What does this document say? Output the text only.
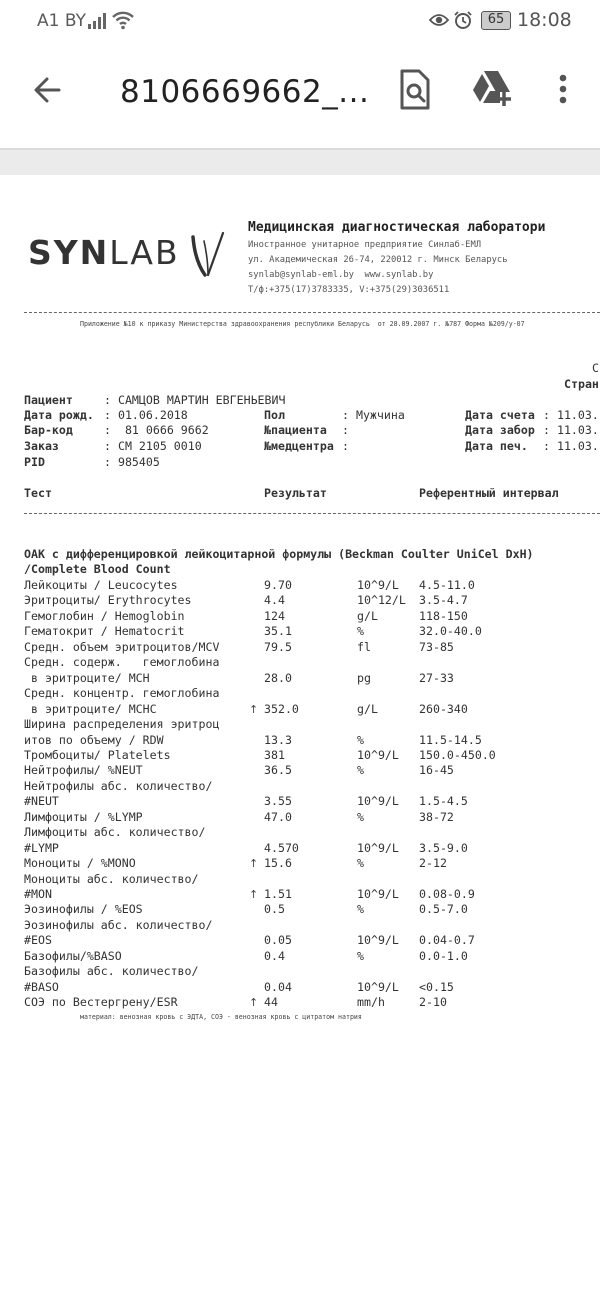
A1 BY	65 18:08
8106669662_...
SYNLAB
Медицинская диагностическая лаборатори
Иностранное унитарное предприятие Синлаб-ЕМЛ
ул. Академическая 26-74, 220012 г. Минск Беларусь
synlab@synlab-eml.by  www.synlab.by
Т/ф:+375(17)3783335, V:+375(29)3036511
Приложение №10 к приказу Министерства здравоохранения республики Беларусь  от 28.09.2007 г. №787 Форма №209/у-07
С
Стран
Пациент	: САМЦОВ МАРТИН ЕВГЕНЬЕВИЧ
Дата рожд. : 01.06.2018	Пол	: Мужчина	Дата счета : 11.03.
Бар-код	:  81 0666 9662	№пациента :	Дата забор : 11.03.
Заказ	: СМ 2105 0010	№медцентра :	Дата печ. : 11.03.
PID	: 985405
Тест	Результат	Референтный интервал
ОАК с дифференцировкой лейкоцитарной формулы (Beckman Coulter UniCel DxH)
/Complete Blood Count
Лейкоциты / Leucocytes	9.70	10^9/L 4.5-11.0
Эритроциты/ Erythrocytes	4.4	10^12/L 3.5-4.7
Гемоглобин / Hemoglobin	124	g/L	118-150
Гематокрит / Hematocrit	35.1	%	32.0-40.0
Средн. объем эритроцитов/MCV	79.5	fl	73-85
Средн. содерж.   гемоглобина
в эритроците/ MCH	28.0	pg	27-33
Средн. концентр. гемоглобина
в эритроците/ MCHC	↑ 352.0	g/L	260-340
Ширина распределения эритроц
итов по объему / RDW	13.3	%	11.5-14.5
Тромбоциты/ Platelets	381	10^9/L 150.0-450.0
Нейтрофилы/ %NEUT	36.5	%	16-45
Нейтрофилы абс. количество/
#NEUT	3.55	10^9/L 1.5-4.5
Лимфоциты / %LYMP	47.0	%	38-72
Лимфоциты абс. количество/
#LYMP	4.570	10^9/L 3.5-9.0
Моноциты / %MONO	↑ 15.6	%	2-12
Моноциты абс. количество/
#MON	↑ 1.51	10^9/L 0.08-0.9
Эозинофилы / %EOS	0.5	%	0.5-7.0
Эозинофилы абс. количество/
#EOS	0.05	10^9/L 0.04-0.7
Базофилы/%BASO	0.4	%	0.0-1.0
Базофилы абс. количество/
#BASO	0.04	10^9/L <0.15
СОЭ по Вестергрену/ESR	↑ 44	mm/h	2-10
материал: венозная кровь с ЭДТА, СОЭ - венозная кровь с цитратом натрия
